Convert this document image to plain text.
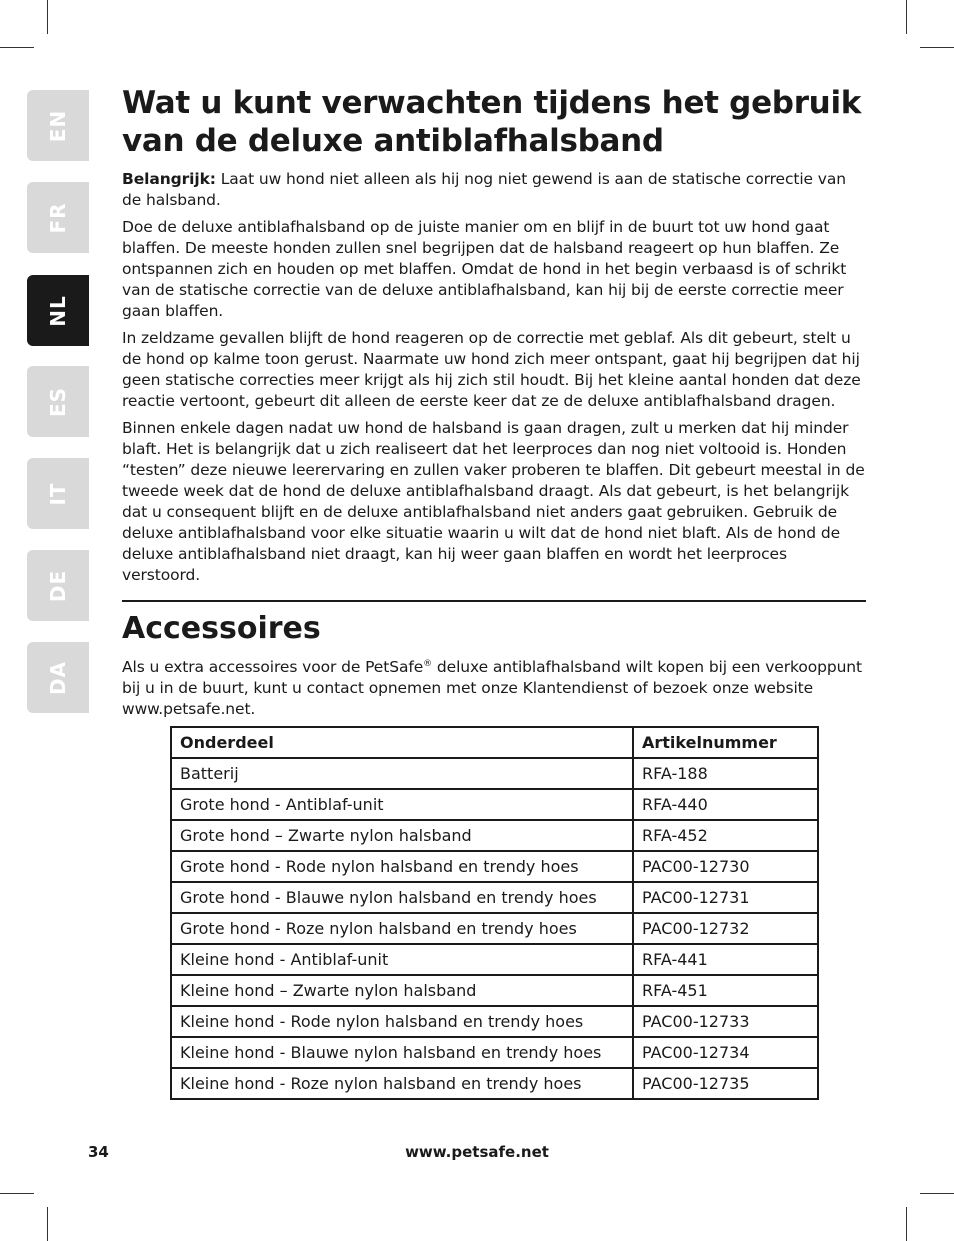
EN
FR
NL
ES
IT
DE
DA
Wat u kunt verwachten tijdens het gebruik
van de deluxe antiblafhalsband

Belangrijk: Laat uw hond niet alleen als hij nog niet gewend is aan de statische correctie van de halsband.

Doe de deluxe antiblafhalsband op de juiste manier om en blijf in de buurt tot uw hond gaat blaffen. De meeste honden zullen snel begrijpen dat de halsband reageert op hun blaffen. Ze ontspannen zich en houden op met blaffen. Omdat de hond in het begin verbaasd is of schrikt van de statische correctie van de deluxe antiblafhalsband, kan hij bij de eerste correctie meer gaan blaffen.

In zeldzame gevallen blijft de hond reageren op de correctie met geblaf. Als dit gebeurt, stelt u de hond op kalme toon gerust. Naarmate uw hond zich meer ontspant, gaat hij begrijpen dat hij geen statische correcties meer krijgt als hij zich stil houdt. Bij het kleine aantal honden dat deze reactie vertoont, gebeurt dit alleen de eerste keer dat ze de deluxe antiblafhalsband dragen.

Binnen enkele dagen nadat uw hond de halsband is gaan dragen, zult u merken dat hij minder blaft. Het is belangrijk dat u zich realiseert dat het leerproces dan nog niet voltooid is. Honden “testen” deze nieuwe leerervaring en zullen vaker proberen te blaffen. Dit gebeurt meestal in de tweede week dat de hond de deluxe antiblafhalsband draagt. Als dat gebeurt, is het belangrijk dat u consequent blijft en de deluxe antiblafhalsband niet anders gaat gebruiken. Gebruik de deluxe antiblafhalsband voor elke situatie waarin u wilt dat de hond niet blaft. Als de hond de deluxe antiblafhalsband niet draagt, kan hij weer gaan blaffen en wordt het leerproces verstoord.

Accessoires

Als u extra accessoires voor de PetSafe® deluxe antiblafhalsband wilt kopen bij een verkooppunt bij u in de buurt, kunt u contact opnemen met onze Klantendienst of bezoek onze website www.petsafe.net.

Onderdeel	Artikelnummer
Batterij	RFA-188
Grote hond - Antiblaf-unit	RFA-440
Grote hond – Zwarte nylon halsband	RFA-452
Grote hond - Rode nylon halsband en trendy hoes	PAC00-12730
Grote hond - Blauwe nylon halsband en trendy hoes	PAC00-12731
Grote hond - Roze nylon halsband en trendy hoes	PAC00-12732
Kleine hond - Antiblaf-unit	RFA-441
Kleine hond – Zwarte nylon halsband	RFA-451
Kleine hond - Rode nylon halsband en trendy hoes	PAC00-12733
Kleine hond - Blauwe nylon halsband en trendy hoes	PAC00-12734
Kleine hond - Roze nylon halsband en trendy hoes	PAC00-12735
34	www.petsafe.net
